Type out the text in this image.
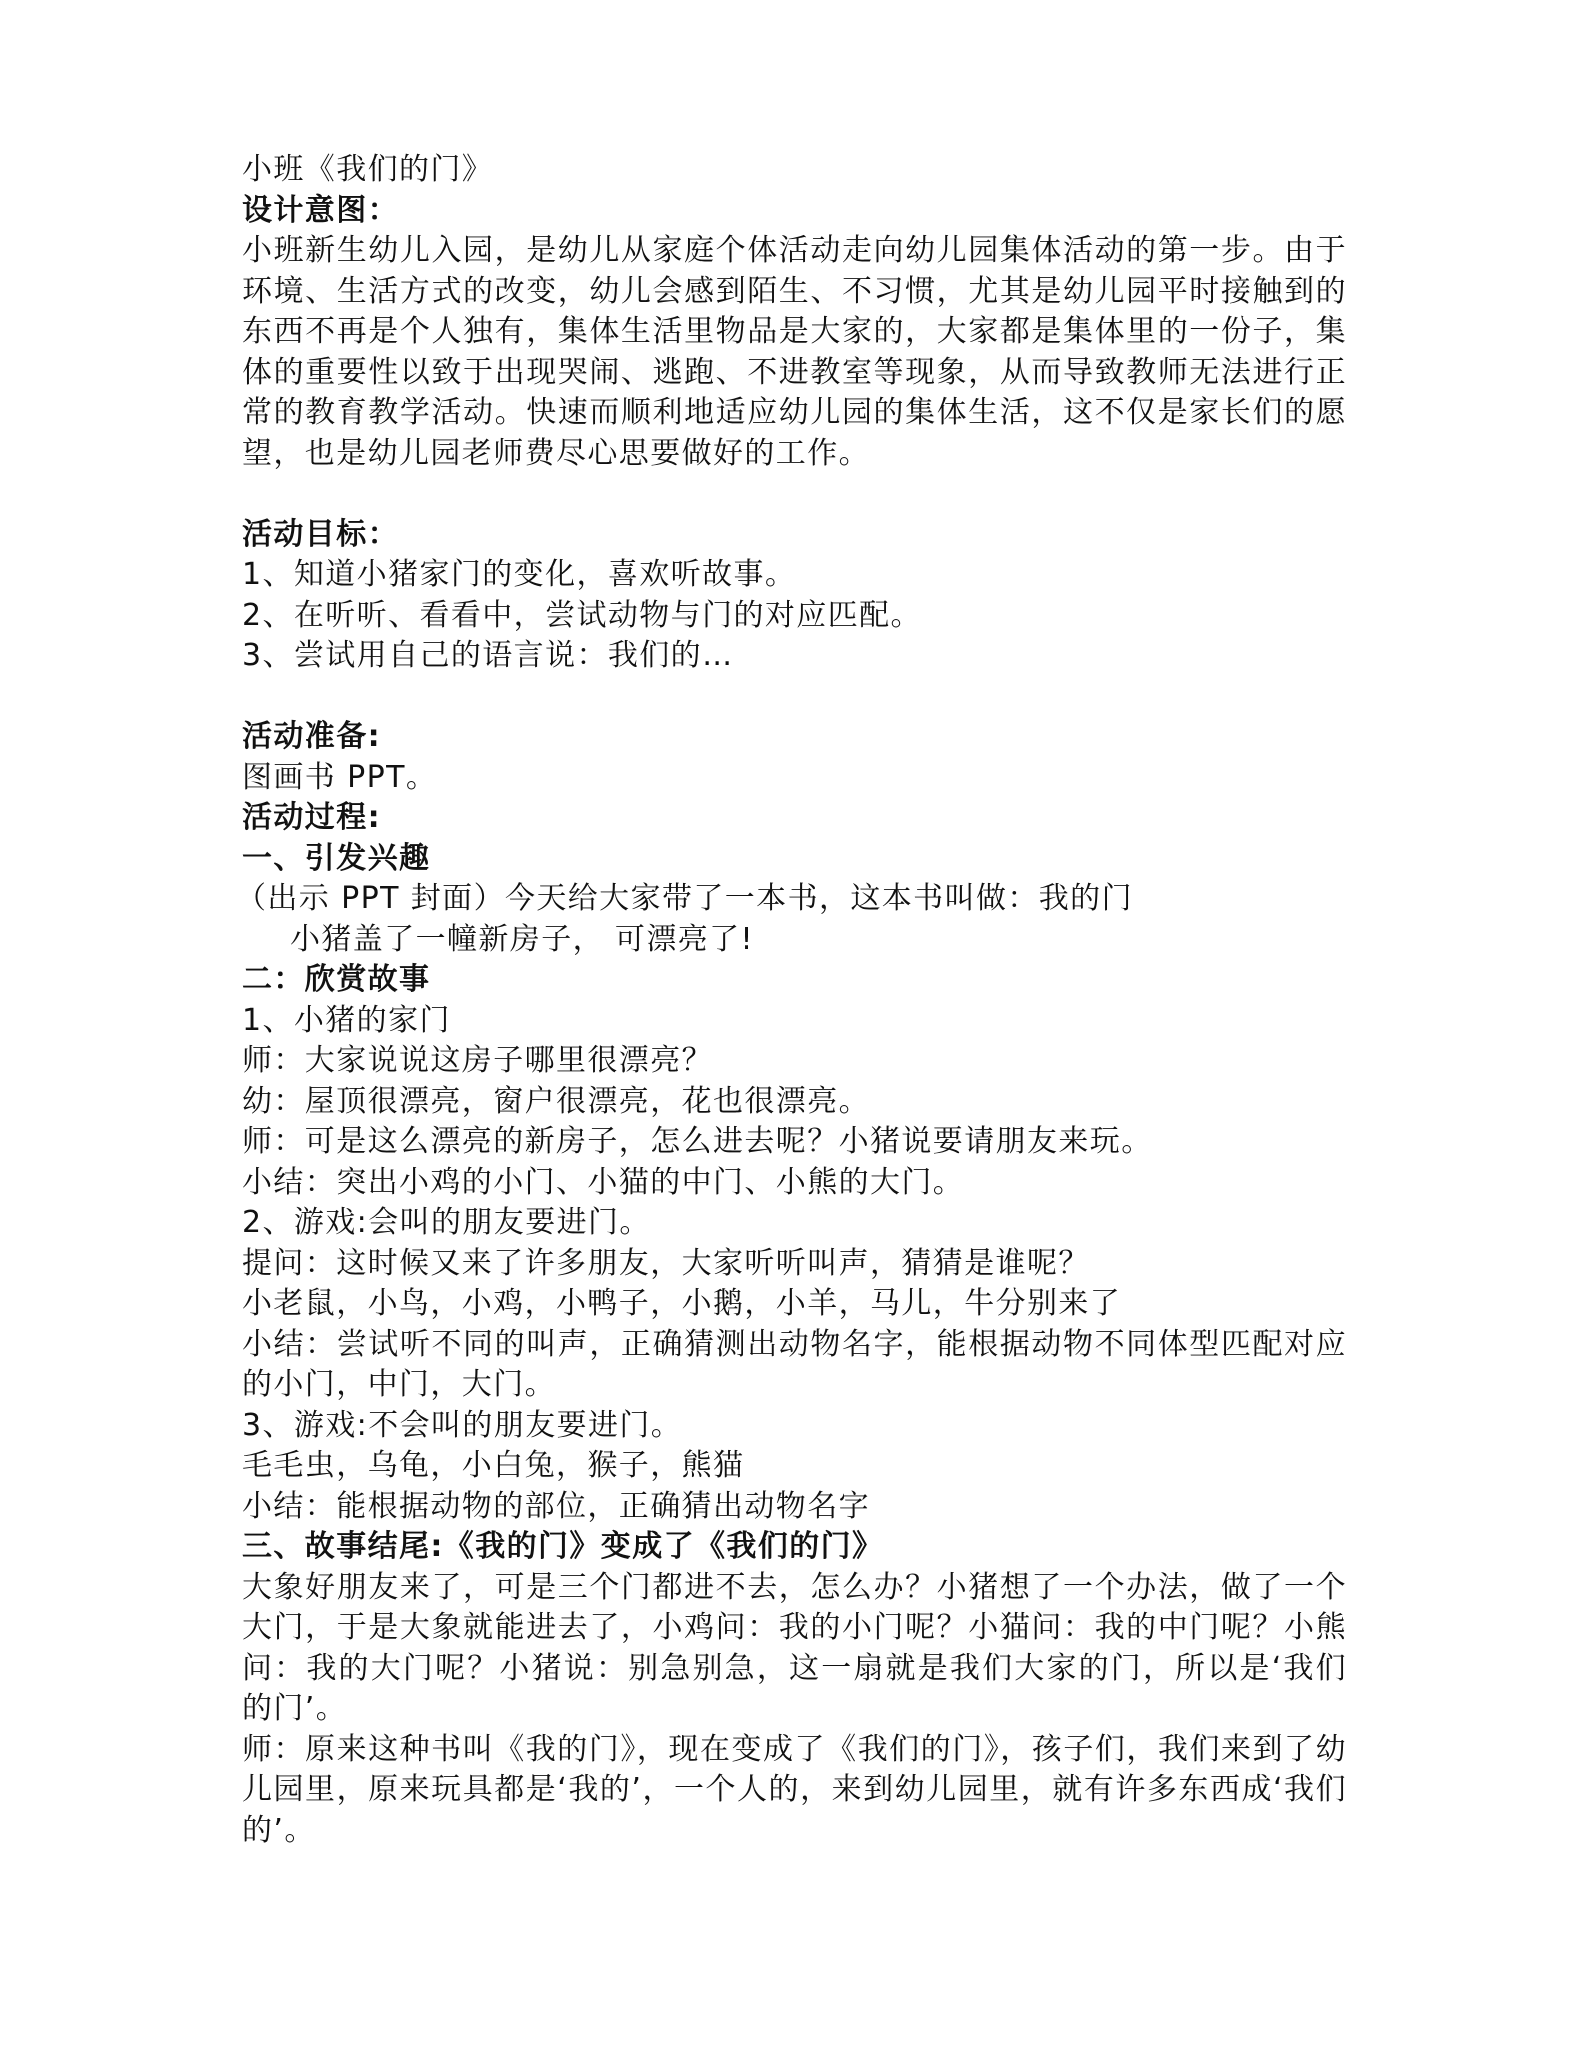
小班《我们的门》
设计意图：
小班新生幼儿入园，是幼儿从家庭个体活动走向幼儿园集体活动的第一步。由于环境、生活方式的改变，幼儿会感到陌生、不习惯，尤其是幼儿园平时接触到的东西不再是个人独有，集体生活里物品是大家的，大家都是集体里的一份子，集体的重要性以致于出现哭闹、逃跑、不进教室等现象，从而导致教师无法进行正常的教育教学活动。快速而顺利地适应幼儿园的集体生活，这不仅是家长们的愿望，也是幼儿园老师费尽心思要做好的工作。
活动目标：
1、知道小猪家门的变化，喜欢听故事。
2、在听听、看看中，尝试动物与门的对应匹配。
3、尝试用自己的语言说：我们的…
活动准备:
图画书 PPT。
活动过程:
一、引发兴趣
（出示 PPT 封面）今天给大家带了一本书，这本书叫做：我的门
小猪盖了一幢新房子， 可漂亮了!
二：欣赏故事
1、小猪的家门
师：大家说说这房子哪里很漂亮？
幼：屋顶很漂亮，窗户很漂亮，花也很漂亮。
师：可是这么漂亮的新房子，怎么进去呢？小猪说要请朋友来玩。
小结：突出小鸡的小门、小猫的中门、小熊的大门。
2、游戏:会叫的朋友要进门。
提问：这时候又来了许多朋友，大家听听叫声，猜猜是谁呢？
小老鼠，小鸟，小鸡，小鸭子，小鹅，小羊，马儿，牛分别来了
小结：尝试听不同的叫声，正确猜测出动物名字，能根据动物不同体型匹配对应的小门，中门，大门。
3、游戏:不会叫的朋友要进门。
毛毛虫，乌龟，小白兔，猴子，熊猫
小结：能根据动物的部位，正确猜出动物名字
三、故事结尾:《我的门》变成了《我们的门》
大象好朋友来了，可是三个门都进不去，怎么办？小猪想了一个办法，做了一个大门，于是大象就能进去了，小鸡问：我的小门呢？小猫问：我的中门呢？小熊问：我的大门呢？小猪说：别急别急，这一扇就是我们大家的门，所以是‘我们的门’。
师：原来这种书叫《我的门》，现在变成了《我们的门》，孩子们，我们来到了幼儿园里，原来玩具都是‘我的’，一个人的，来到幼儿园里，就有许多东西成‘我们的’。
